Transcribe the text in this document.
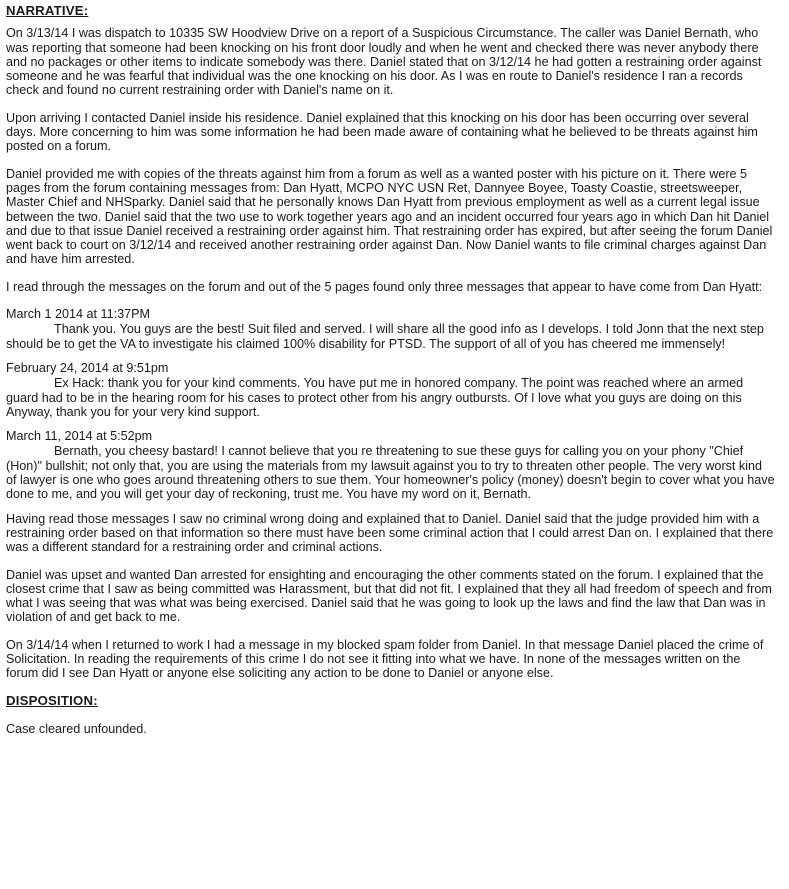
NARRATIVE:

On 3/13/14 I was dispatch to 10335 SW Hoodview Drive on a report of a Suspicious Circumstance. The caller was Daniel Bernath, who was reporting that someone had been knocking on his front door loudly and when he went and checked there was never anybody there and no packages or other items to indicate somebody was there. Daniel stated that on 3/12/14 he had gotten a restraining order against someone and he was fearful that individual was the one knocking on his door. As I was en route to Daniel's residence I ran a records check and found no current restraining order with Daniel's name on it.

Upon arriving I contacted Daniel inside his residence. Daniel explained that this knocking on his door has been occurring over several days. More concerning to him was some information he had been made aware of containing what he believed to be threats against him posted on a forum.

Daniel provided me with copies of the threats against him from a forum as well as a wanted poster with his picture on it. There were 5 pages from the forum containing messages from: Dan Hyatt, MCPO NYC USN Ret, Dannyee Boyee, Toasty Coastie, streetsweeper, Master Chief and NHSparky. Daniel said that he personally knows Dan Hyatt from previous employment as well as a current legal issue between the two. Daniel said that the two use to work together years ago and an incident occurred four years ago in which Dan hit Daniel and due to that issue Daniel received a restraining order against him. That restraining order has expired, but after seeing the forum Daniel went back to court on 3/12/14 and received another restraining order against Dan. Now Daniel wants to file criminal charges against Dan and have him arrested.

I read through the messages on the forum and out of the 5 pages found only three messages that appear to have come from Dan Hyatt:

March 1 2014 at 11:37PM

Thank you. You guys are the best! Suit filed and served. I will share all the good info as I develops. I told Jonn that the next step should be to get the VA to investigate his claimed 100% disability for PTSD. The support of all of you has cheered me immensely!

February 24, 2014 at 9:51pm

Ex Hack: thank you for your kind comments. You have put me in honored company. The point was reached where an armed guard had to be in the hearing room for his cases to protect other from his angry outbursts. Of I love what you guys are doing on this Anyway, thank you for your very kind support.

March 11, 2014 at 5:52pm

Bernath, you cheesy bastard! I cannot believe that you re threatening to sue these guys for calling you on your phony "Chief (Hon)" bullshit; not only that, you are using the materials from my lawsuit against you to try to threaten other people. The very worst kind of lawyer is one who goes around threatening others to sue them. Your homeowner's policy (money) doesn't begin to cover what you have done to me, and you will get your day of reckoning, trust me. You have my word on it, Bernath.

Having read those messages I saw no criminal wrong doing and explained that to Daniel. Daniel said that the judge provided him with a restraining order based on that information so there must have been some criminal action that I could arrest Dan on. I explained that there was a different standard for a restraining order and criminal actions.

Daniel was upset and wanted Dan arrested for ensighting and encouraging the other comments stated on the forum. I explained that the closest crime that I saw as being committed was Harassment, but that did not fit. I explained that they all had freedom of speech and from what I was seeing that was what was being exercised. Daniel said that he was going to look up the laws and find the law that Dan was in violation of and get back to me.

On 3/14/14 when I returned to work I had a message in my blocked spam folder from Daniel. In that message Daniel placed the crime of Solicitation. In reading the requirements of this crime I do not see it fitting into what we have. In none of the messages written on the forum did I see Dan Hyatt or anyone else soliciting any action to be done to Daniel or anyone else.

DISPOSITION:

Case cleared unfounded.
